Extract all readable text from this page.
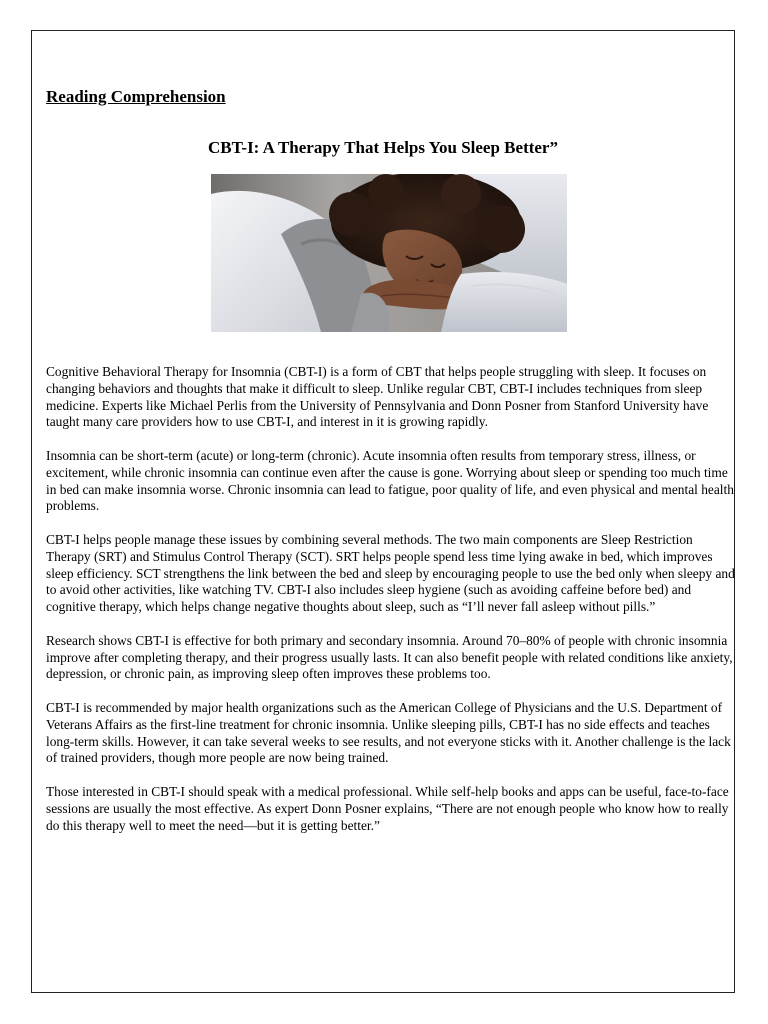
Reading Comprehension
CBT-I: A Therapy That Helps You Sleep Better”

Cognitive Behavioral Therapy for Insomnia (CBT-I) is a form of CBT that helps people struggling with sleep. It focuses on changing behaviors and thoughts that make it difficult to sleep. Unlike regular CBT, CBT-I includes techniques from sleep medicine. Experts like Michael Perlis from the University of Pennsylvania and Donn Posner from Stanford University have taught many care providers how to use CBT-I, and interest in it is growing rapidly.

Insomnia can be short-term (acute) or long-term (chronic). Acute insomnia often results from temporary stress, illness, or excitement, while chronic insomnia can continue even after the cause is gone. Worrying about sleep or spending too much time in bed can make insomnia worse. Chronic insomnia can lead to fatigue, poor quality of life, and even physical and mental health problems.

CBT-I helps people manage these issues by combining several methods. The two main components are Sleep Restriction Therapy (SRT) and Stimulus Control Therapy (SCT). SRT helps people spend less time lying awake in bed, which improves sleep efficiency. SCT strengthens the link between the bed and sleep by encouraging people to use the bed only when sleepy and to avoid other activities, like watching TV. CBT-I also includes sleep hygiene (such as avoiding caffeine before bed) and cognitive therapy, which helps change negative thoughts about sleep, such as “I’ll never fall asleep without pills.”

Research shows CBT-I is effective for both primary and secondary insomnia. Around 70–80% of people with chronic insomnia improve after completing therapy, and their progress usually lasts. It can also benefit people with related conditions like anxiety, depression, or chronic pain, as improving sleep often improves these problems too.

CBT-I is recommended by major health organizations such as the American College of Physicians and the U.S. Department of Veterans Affairs as the first-line treatment for chronic insomnia. Unlike sleeping pills, CBT-I has no side effects and teaches long-term skills. However, it can take several weeks to see results, and not everyone sticks with it. Another challenge is the lack of trained providers, though more people are now being trained.

Those interested in CBT-I should speak with a medical professional. While self-help books and apps can be useful, face-to-face sessions are usually the most effective. As expert Donn Posner explains, “There are not enough people who know how to really do this therapy well to meet the need—but it is getting better.”
